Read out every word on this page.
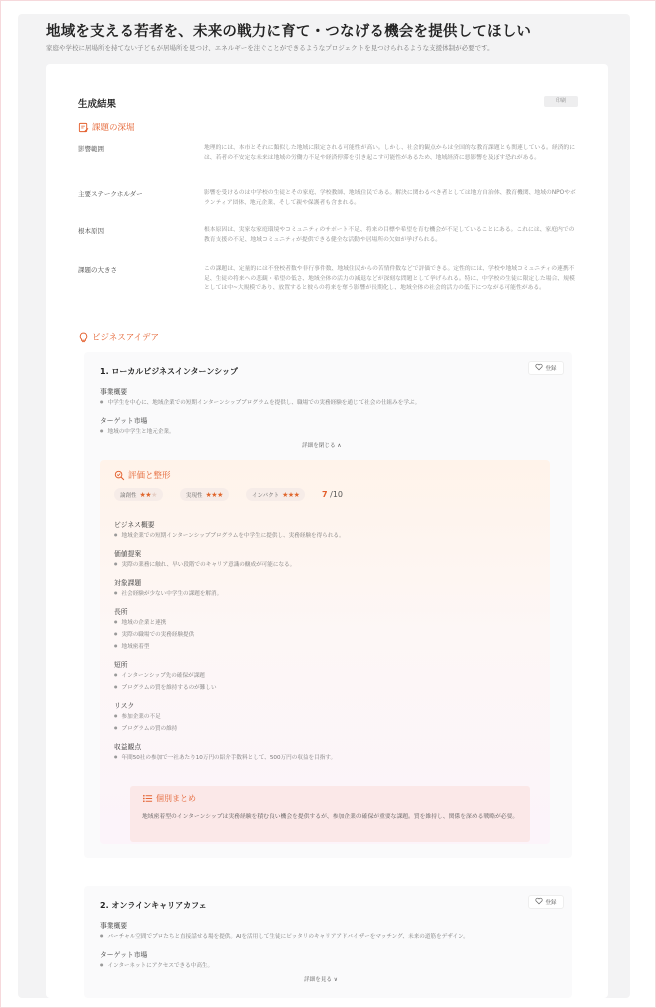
地域を支える若者を、未来の戦力に育て・つなげる機会を提供してほしい
家庭や学校に居場所を持てない子どもが居場所を見つけ、エネルギーを注ぐことができるようなプロジェクトを見つけられるような支援体制が必要です。
生成結果	印刷
課題の深堀
影響範囲	地理的には、本市とそれに類似した地域に限定される可能性が高い。しかし、社会的観点からは全国的な教育課題とも関連している。経済的には、若者の不安定な未来は地域の労働力不足や経済停滞を引き起こす可能性があるため、地域経済に悪影響を及ぼす恐れがある。
主要ステークホルダー	影響を受けるのは中学校の生徒とその家庭、学校教師、地域住民である。解決に関わるべき者としては地方自治体、教育機関、地域のNPOやボランティア団体、地元企業、そして親や保護者も含まれる。
根本原因	根本原因は、実家な家庭環境やコミュニティのサポート不足、将来の目標や希望を育む機会が不足していることにある。これには、家庭内での教育支援の不足、地域コミュニティが提供できる健全な活動や居場所の欠如が挙げられる。
課題の大きさ	この課題は、定量的には不登校者数や非行事件数、地域住民からの苦情件数などで評価できる。定性的には、学校や地域コミュニティの連携不足、生徒の将来への悲観・希望の低さ、地域全体の活力の減退などが深刻な問題として挙げられる。特に、中学校の生徒に限定した場合、規模としては中~大規模であり、放置すると彼らの将来を奪う影響が長期化し、地域全体の社会的活力の低下につながる可能性がある。
ビジネスアイデア
1. ローカルビジネスインターンシップ	登録
事業概要
● 中学生を中心に、地域企業での短期インターンシッププログラムを提供し、職場での実務経験を通じて社会の仕組みを学ぶ。
ターゲット市場
● 地域の中学生と地元企業。
詳細を閉じる ∧
評価と整形
論創性 ★★★	実現性 ★★★	インパクト ★★★	7 /10
ビジネス概要
● 地域企業での短期インターンシッププログラムを中学生に提供し、実務経験を得られる。
価値提案
● 実際の業務に触れ、早い段階でのキャリア意識の醸成が可能になる。
対象課題
● 社会経験が少ない中学生の課題を解消。
長所
● 地域の企業と連携
● 実際の職場での実務経験提供
● 地域密着型
短所
● インターンシップ先の確保が課題
● プログラムの質を維持するのが難しい
リスク
● 参加企業の不足
● プログラムの質の維持
収益観点
● 年間50社の参加で一社あたり10万円の紹介手数料として、500万円の収益を目指す。
個別まとめ
地域密着型のインターンシップは実務経験を積む良い機会を提供するが、参加企業の確保が重要な課題。質を維持し、関係を深める戦略が必要。
2. オンラインキャリアカフェ	登録
事業概要
● バーチャル空間でプロたちと直接話せる場を提供。AIを活用して生徒にピッタリのキャリアアドバイザーをマッチング、未来の道筋をデザイン。
ターゲット市場
● インターネットにアクセスできる中高生。
詳細を見る ∨
